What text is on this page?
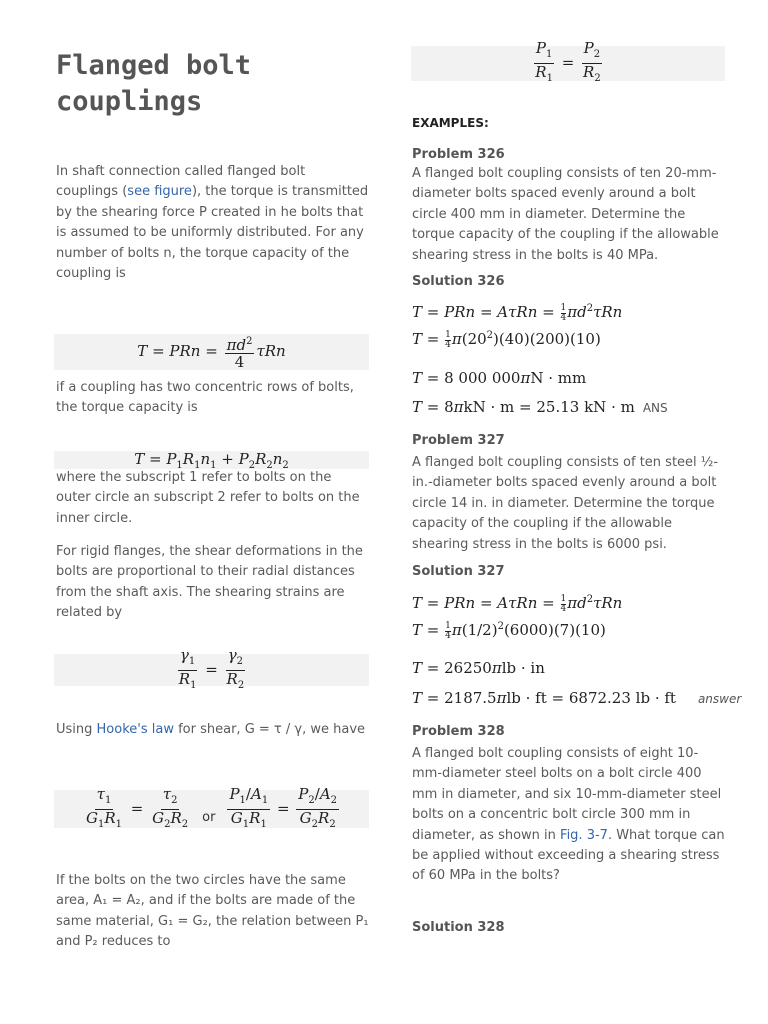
Flanged bolt couplings

In shaft connection called flanged bolt couplings (see figure), the torque is transmitted by the shearing force P created in he bolts that is assumed to be uniformly distributed. For any number of bolts n, the torque capacity of the coupling is

T = PRn = $\frac{\pi d^2}{4}$ τRn

if a coupling has two concentric rows of bolts, the torque capacity is

$T = P_1R_1n_1 + P_2R_2n_2$

where the subscript 1 refer to bolts on the outer circle an subscript 2 refer to bolts on the inner circle.

For rigid flanges, the shear deformations in the bolts are proportional to their radial distances from the shaft axis. The shearing strains are related by

$\frac{\gamma_1}{R_1} = \frac{\gamma_2}{R_2}$

Using Hooke's law for shear, G = τ / γ, we have

$\frac{\tau_1}{G_1R_1} = \frac{\tau_2}{G_2R_2}$ or $\frac{P_1/A_1}{G_1R_1} = \frac{P_2/A_2}{G_2R_2}$

If the bolts on the two circles have the same area, A₁ = A₂, and if the bolts are made of the same material, G₁ = G₂, the relation between P₁ and P₂ reduces to

$\frac{P_1}{R_1} = \frac{P_2}{R_2}$
EXAMPLES:
Problem 326

A flanged bolt coupling consists of ten 20-mm-diameter bolts spaced evenly around a bolt circle 400 mm in diameter. Determine the torque capacity of the coupling if the allowable shearing stress in the bolts is 40 MPa.

Solution 326
T = PRn = $A\tau Rn = \frac{1}{4} \pi d^2\tau Rn$
$T = \frac{1}{4} \pi(20^2)(40)(200)(10)$
T = 8 000 000πN · mm
T = 8πkN · m = 25.13 kN · m ANS
Problem 327

A flanged bolt coupling consists of ten steel ½-in.-diameter bolts spaced evenly around a bolt circle 14 in. in diameter. Determine the torque capacity of the coupling if the allowable shearing stress in the bolts is 6000 psi.

Solution 327
T = PRn = $A\tau Rn = \frac{1}{4} \pi d^2\tau Rn$
$T = \frac{1}{4} \pi(1/2)^2(6000)(7)(10)$
T = 26250πlb · in
T = 2187.5πlb · ft = 6872.23 lb · ft answer
Problem 328

A flanged bolt coupling consists of eight 10-mm-diameter steel bolts on a bolt circle 400 mm in diameter, and six 10-mm-diameter steel bolts on a concentric bolt circle 300 mm in diameter, as shown in Fig. 3-7. What torque can be applied without exceeding a shearing stress of 60 MPa in the bolts?

Solution 328
